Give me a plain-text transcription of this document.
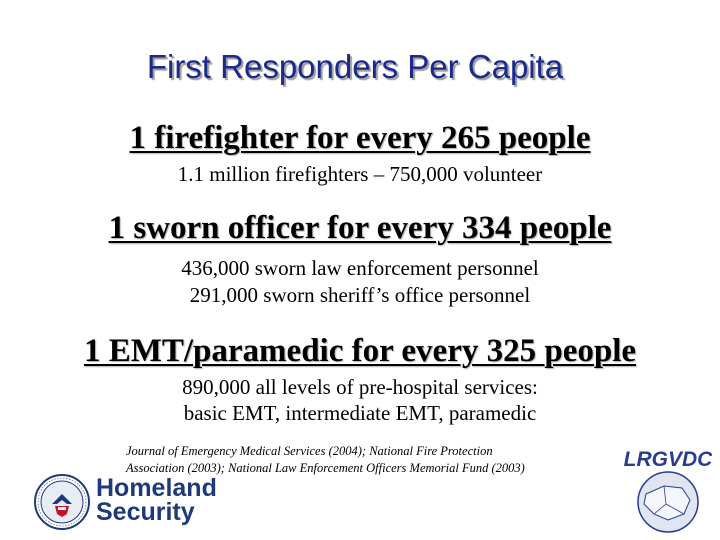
First Responders Per Capita
1 firefighter for every 265 people
1.1 million firefighters – 750,000 volunteer
1 sworn officer for every 334 people
436,000 sworn law enforcement personnel
291,000 sworn sheriff’s office personnel
1 EMT/paramedic for every 325 people
890,000 all levels of pre-hospital services:
basic EMT, intermediate EMT, paramedic
Journal of Emergency Medical Services (2004); National Fire Protection
Association (2003); National Law Enforcement Officers Memorial Fund (2003)
Homeland
Security
LRGVDC
